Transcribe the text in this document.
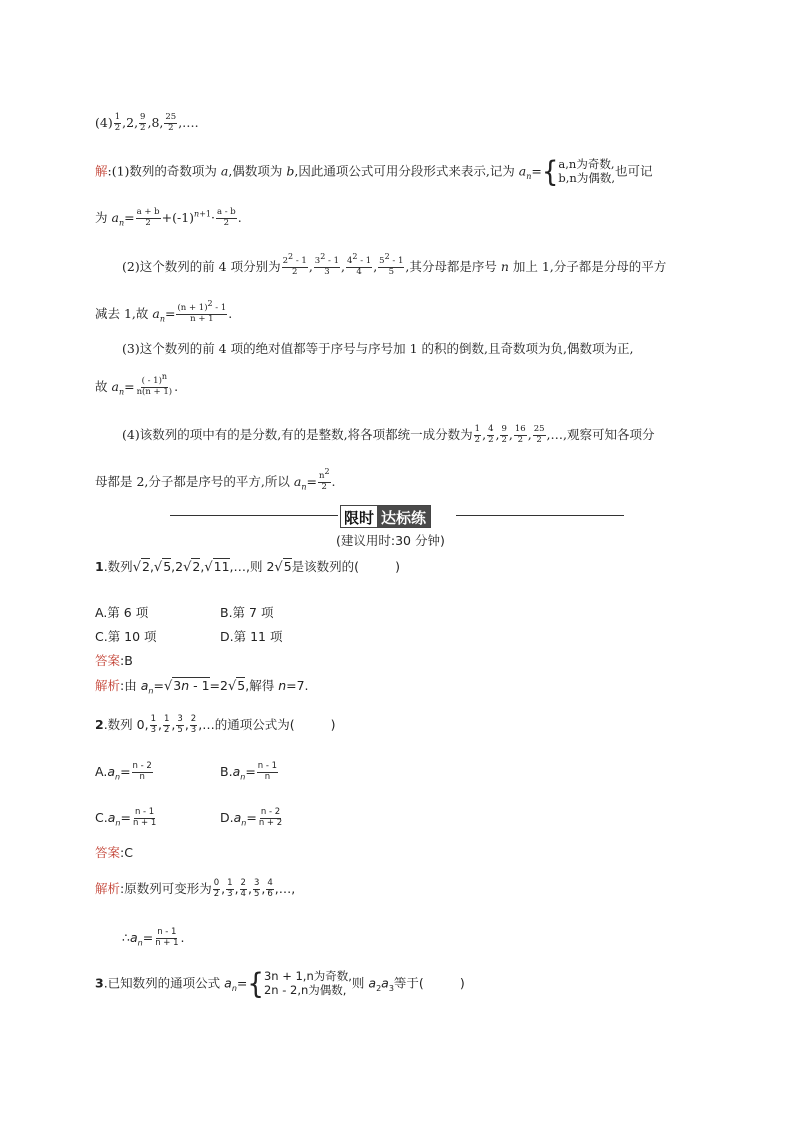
$(4) \frac{1}{2} ,2$, $\frac{9}{2} ,8$, $\frac{25}{2}$ ,….
解:(1)数列的奇数项为 a,偶数项为 b,因此通项公式可用分段形式来表示,记为 $a_n=$ { a,n为奇数,
b,n为偶数, 也可记
为 $a_n= \frac{a + b}{2} +(-1)^{n+1}\cdot \frac{a - b}{2}$ .
(2)这个数列的前 4 项分别为 $\frac{2^2 - 1}{2}$ , $\frac{3^2 - 1}{3}$ , $\frac{4^2 - 1}{4}$ , $\frac{5^2 - 1}{5}$ ,其分母都是序号 n 加上 1,分子都是分母的平方
减去 1,故 $a_n= \frac{(n + 1)^2 - 1}{n + 1}$ .
(3)这个数列的前 4 项的绝对值都等于序号与序号加 1 的积的倒数,且奇数项为负,偶数项为正,
故 $a_n= \frac{( - 1)^n}{n(n + 1)}$ .
(4)该数列的项中有的是分数,有的是整数,将各项都统一成分数为 $\frac{1}{2}$ , $\frac{4}{2}$ , $\frac{9}{2}$ , $\frac{16}{2}$ , $\frac{25}{2}$ ,…,观察可知各项分
母都是 2,分子都是序号的平方,所以 $a_n= \frac{n^2}{2}$ .
限时 达标练
(建议用时:30 分钟)
1.数列√2,√5,2√2,√11,…,则 2√5是该数列的(	)
A.第 6 项	B.第 7 项
C.第 10 项	D.第 11 项
答案:B
解析:由 $a_n=√3n - 1=2√5$,解得 n=7.
2.数列 0, $\frac{1}{3}$ , $\frac{1}{2}$ , $\frac{3}{5}$ , $\frac{2}{3}$ ,…的通项公式为(	)
$A.a_n= \frac{n - 2}{n}$	$B.a_n= \frac{n - 1}{n}$
$C.a_n= \frac{n - 1}{n + 1}$	$D.a_n= \frac{n - 2}{n + 2}$
答案:C
解析:原数列可变形为 $\frac{0}{2}$ , $\frac{1}{3}$ , $\frac{2}{4}$ , $\frac{3}{5}$ , $\frac{4}{6}$ ,…,
$\therefore a_n= \frac{n - 1}{n + 1}$ .
3.已知数列的通项公式 $a_n=$ { 3n + 1,n为奇数,
2n - 2,n为偶数, 则 $a_2a_3$等于(	)
